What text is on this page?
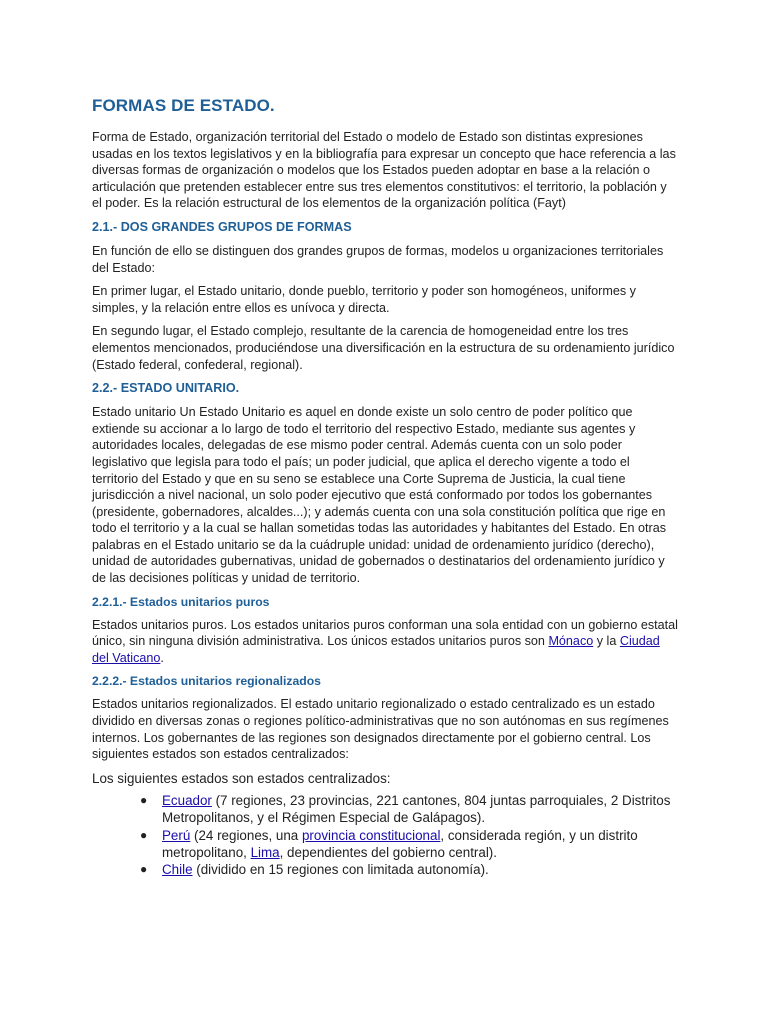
FORMAS DE ESTADO.

Forma de Estado, organización territorial del Estado o modelo de Estado son distintas expresiones usadas en los textos legislativos y en la bibliografía para expresar un concepto que hace referencia a las diversas formas de organización o modelos que los Estados pueden adoptar en base a la relación o articulación que pretenden establecer entre sus tres elementos constitutivos: el territorio, la población y el poder. Es la relación estructural de los elementos de la organización política (Fayt)

2.1.- DOS GRANDES GRUPOS DE FORMAS

En función de ello se distinguen dos grandes grupos de formas, modelos u organizaciones territoriales del Estado:

En primer lugar, el Estado unitario, donde pueblo, territorio y poder son homogéneos, uniformes y simples, y la relación entre ellos es unívoca y directa.

En segundo lugar, el Estado complejo, resultante de la carencia de homogeneidad entre los tres elementos mencionados, produciéndose una diversificación en la estructura de su ordenamiento jurídico (Estado federal, confederal, regional).

2.2.- ESTADO UNITARIO.

Estado unitario Un Estado Unitario es aquel en donde existe un solo centro de poder político que extiende su accionar a lo largo de todo el territorio del respectivo Estado, mediante sus agentes y autoridades locales, delegadas de ese mismo poder central. Además cuenta con un solo poder legislativo que legisla para todo el país; un poder judicial, que aplica el derecho vigente a todo el territorio del Estado y que en su seno se establece una Corte Suprema de Justicia, la cual tiene jurisdicción a nivel nacional, un solo poder ejecutivo que está conformado por todos los gobernantes (presidente, gobernadores, alcaldes...); y además cuenta con una sola constitución política que rige en todo el territorio y a la cual se hallan sometidas todas las autoridades y habitantes del Estado. En otras palabras en el Estado unitario se da la cuádruple unidad: unidad de ordenamiento jurídico (derecho), unidad de autoridades gubernativas, unidad de gobernados o destinatarios del ordenamiento jurídico y de las decisiones políticas y unidad de territorio.

2.2.1.- Estados unitarios puros

Estados unitarios puros. Los estados unitarios puros conforman una sola entidad con un gobierno estatal único, sin ninguna división administrativa. Los únicos estados unitarios puros son Mónaco y la Ciudad del Vaticano.

2.2.2.- Estados unitarios regionalizados

Estados unitarios regionalizados. El estado unitario regionalizado o estado centralizado es un estado dividido en diversas zonas o regiones político-administrativas que no son autónomas en sus regímenes internos. Los gobernantes de las regiones son designados directamente por el gobierno central. Los siguientes estados son estados centralizados:

Los siguientes estados son estados centralizados:

● Ecuador (7 regiones, 23 provincias, 221 cantones, 804 juntas parroquiales, 2 Distritos Metropolitanos, y el Régimen Especial de Galápagos).
● Perú (24 regiones, una provincia constitucional, considerada región, y un distrito metropolitano, Lima, dependientes del gobierno central).
● Chile (dividido en 15 regiones con limitada autonomía).
